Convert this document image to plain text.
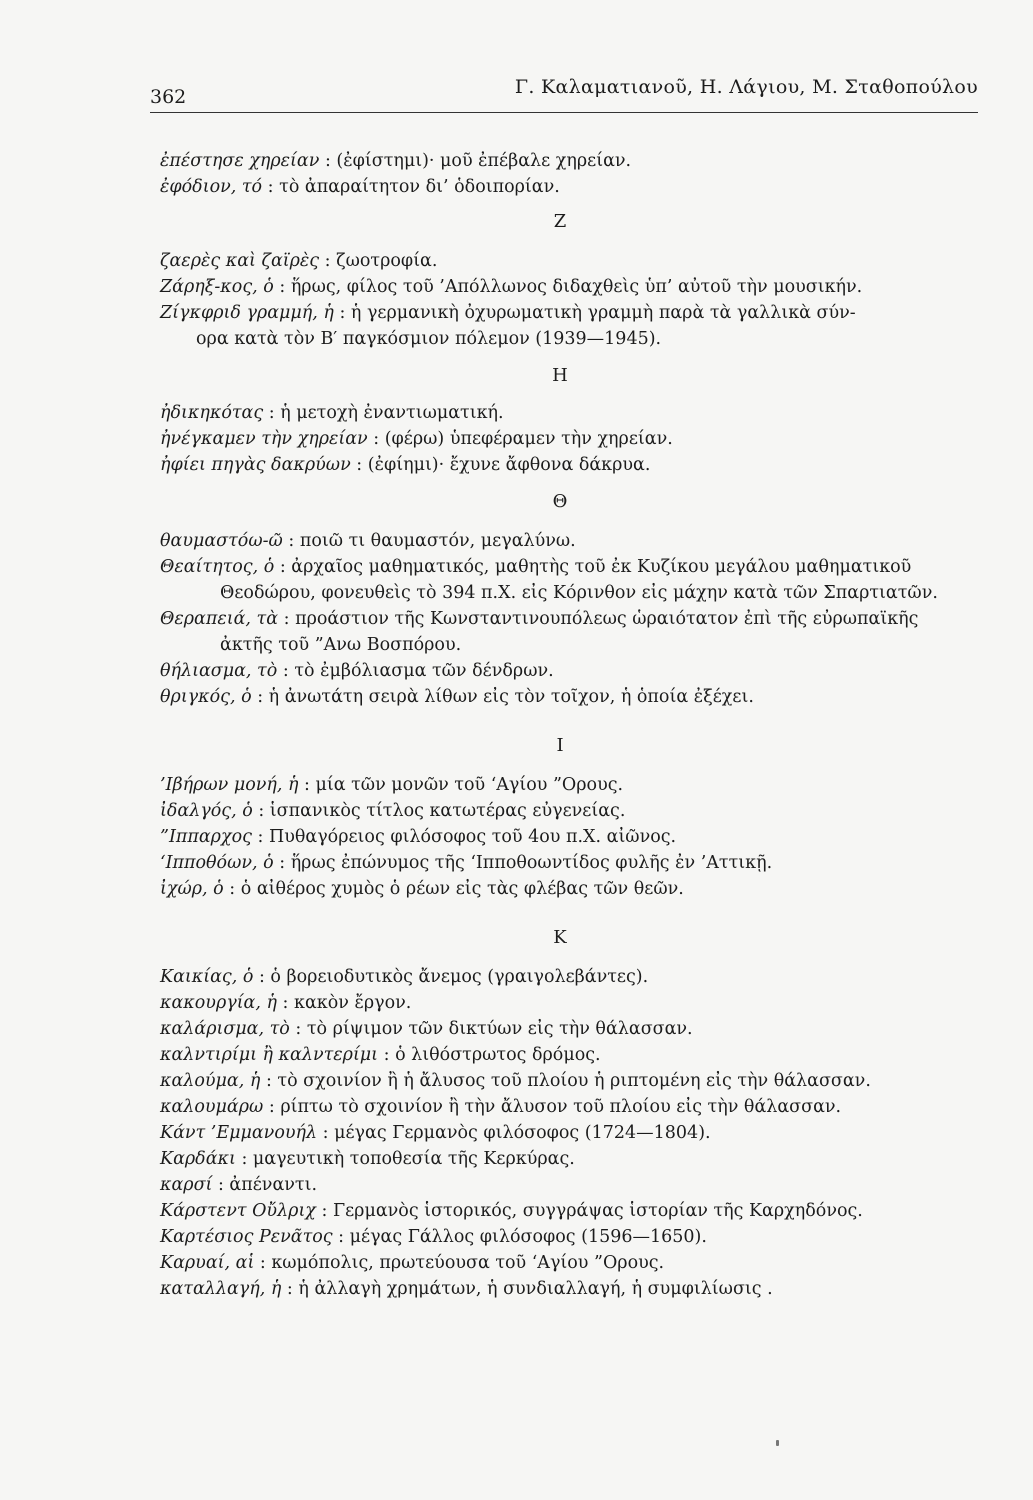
362	Γ. Καλαματιανοῦ, Η. Λάγιου, Μ. Σταθοπούλου
ἐπέστησε χηρείαν : (ἐφίστημι)· μοῦ ἐπέβαλε χηρείαν.
ἐφόδιον, τό : τὸ ἀπαραίτητον δι’ ὁδοιπορίαν.
Ζ
ζαερὲς καὶ ζαϊρὲς : ζωοτροφία.
Ζάρηξ-κος, ὁ : ἥρως, φίλος τοῦ ’Απόλλωνος διδαχθεὶς ὑπ’ αὐτοῦ τὴν μουσικήν.
Ζίγκφριδ γραμμή, ἡ : ἡ γερμανικὴ ὀχυρωματικὴ γραμμὴ παρὰ τὰ γαλλικὰ σύν-
ορα κατὰ τὸν Β′ παγκόσμιον πόλεμον (1939—1945).
Η
ἠδικηκότας : ἡ μετοχὴ ἐναντιωματική.
ἠνέγκαμεν τὴν χηρείαν : (φέρω) ὑπεφέραμεν τὴν χηρείαν.
ἠφίει πηγὰς δακρύων : (ἐφίημι)· ἔχυνε ἄφθονα δάκρυα.
Θ
θαυμαστόω-ῶ : ποιῶ τι θαυμαστόν, μεγαλύνω.
Θεαίτητος, ὁ : ἀρχαῖος μαθηματικός, μαθητὴς τοῦ ἐκ Κυζίκου μεγάλου μαθηματικοῦ
Θεοδώρου, φονευθεὶς τὸ 394 π.Χ. εἰς Κόρινθον εἰς μάχην κατὰ τῶν Σπαρτιατῶν.
Θεραπειά, τὰ : προάστιον τῆς Κωνσταντινουπόλεως ὡραιότατον ἐπὶ τῆς εὐρωπαϊκῆς
ἀκτῆς τοῦ ”Ανω Βοσπόρου.
θήλιασμα, τὸ : τὸ ἐμβόλιασμα τῶν δένδρων.
θριγκός, ὁ : ἡ ἀνωτάτη σειρὰ λίθων εἰς τὸν τοῖχον, ἡ ὁποία ἐξέχει.
Ι
’Ιβήρων μονή, ἡ : μία τῶν μονῶν τοῦ ‘Αγίου ”Ορους.
ἰδαλγός, ὁ : ἱσπανικὸς τίτλος κατωτέρας εὐγενείας.
”Ιππαρχος : Πυθαγόρειος φιλόσοφος τοῦ 4ου π.Χ. αἰῶνος.
‘Ιπποθόων, ὁ : ἥρως ἐπώνυμος τῆς ‘Ιπποθοωντίδος φυλῆς ἐν ’Αττικῇ.
ἰχώρ, ὁ : ὁ αἰθέρος χυμὸς ὁ ρέων εἰς τὰς φλέβας τῶν θεῶν.
Κ
Καικίας, ὁ : ὁ βορειοδυτικὸς ἄνεμος (γραιγολεβάντες).
κακουργία, ἡ : κακὸν ἔργον.
καλάρισμα, τὸ : τὸ ρίψιμον τῶν δικτύων εἰς τὴν θάλασσαν.
καλντιρίμι ἢ καλντερίμι : ὁ λιθόστρωτος δρόμος.
καλούμα, ἡ : τὸ σχοινίον ἢ ἡ ἄλυσος τοῦ πλοίου ἡ ριπτομένη εἰς τὴν θάλασσαν.
καλουμάρω : ρίπτω τὸ σχοινίον ἢ τὴν ἄλυσον τοῦ πλοίου εἰς τὴν θάλασσαν.
Κάντ ’Εμμανουήλ : μέγας Γερμανὸς φιλόσοφος (1724—1804).
Καρδάκι : μαγευτικὴ τοποθεσία τῆς Κερκύρας.
καρσί : ἀπέναντι.
Κάρστεντ Οὔλριχ : Γερμανὸς ἱστορικός, συγγράψας ἱστορίαν τῆς Καρχηδόνος.
Καρτέσιος Ρενᾶτος : μέγας Γάλλος φιλόσοφος (1596—1650).
Καρυαί, αἱ : κωμόπολις, πρωτεύουσα τοῦ ‘Αγίου ”Ορους.
καταλλαγή, ἡ : ἡ ἀλλαγὴ χρημάτων, ἡ συνδιαλλαγή, ἡ συμφιλίωσις .
